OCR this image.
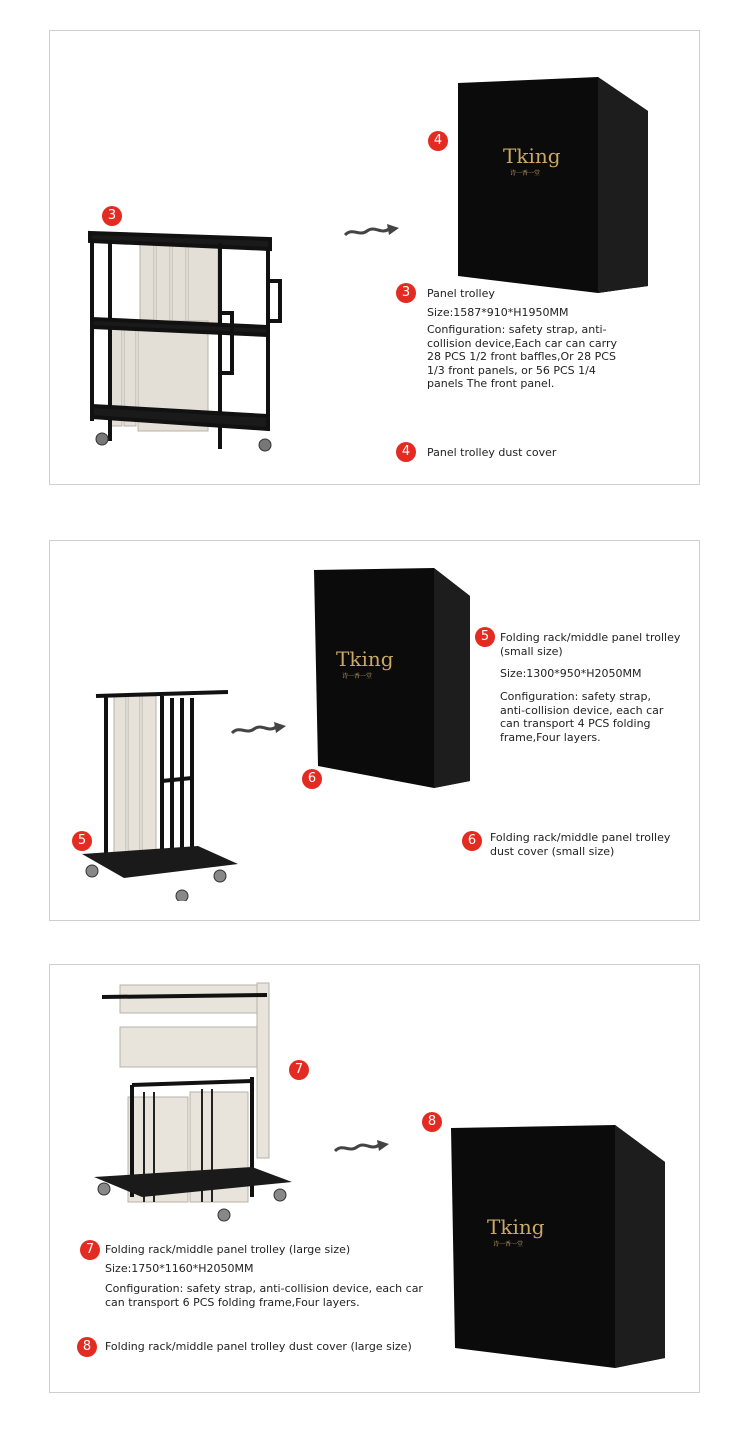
3
Tking
诗一香一堂
4
3	Panel trolley
Size:1587*910*H1950MM
Configuration: safety strap, anti-collision device,Each car can carry 28 PCS 1/2 front baffles,Or 28 PCS 1/3 front panels, or 56 PCS 1/4 panels The front panel.
4	Panel trolley dust cover
5
Tking
诗一香一堂
6
5 Folding rack/middle panel trolley (small size)
Size:1300*950*H2050MM
Configuration: safety strap, anti-collision device, each car can transport 4 PCS folding frame,Four layers.
6	Folding rack/middle panel trolley dust cover (small size)
7
Tking
诗一香一堂
8
7 Folding rack/middle panel trolley (large size)
Size:1750*1160*H2050MM
Configuration: safety strap, anti-collision device, each car can transport 6 PCS folding frame,Four layers.
8	Folding rack/middle panel trolley dust cover (large size)
